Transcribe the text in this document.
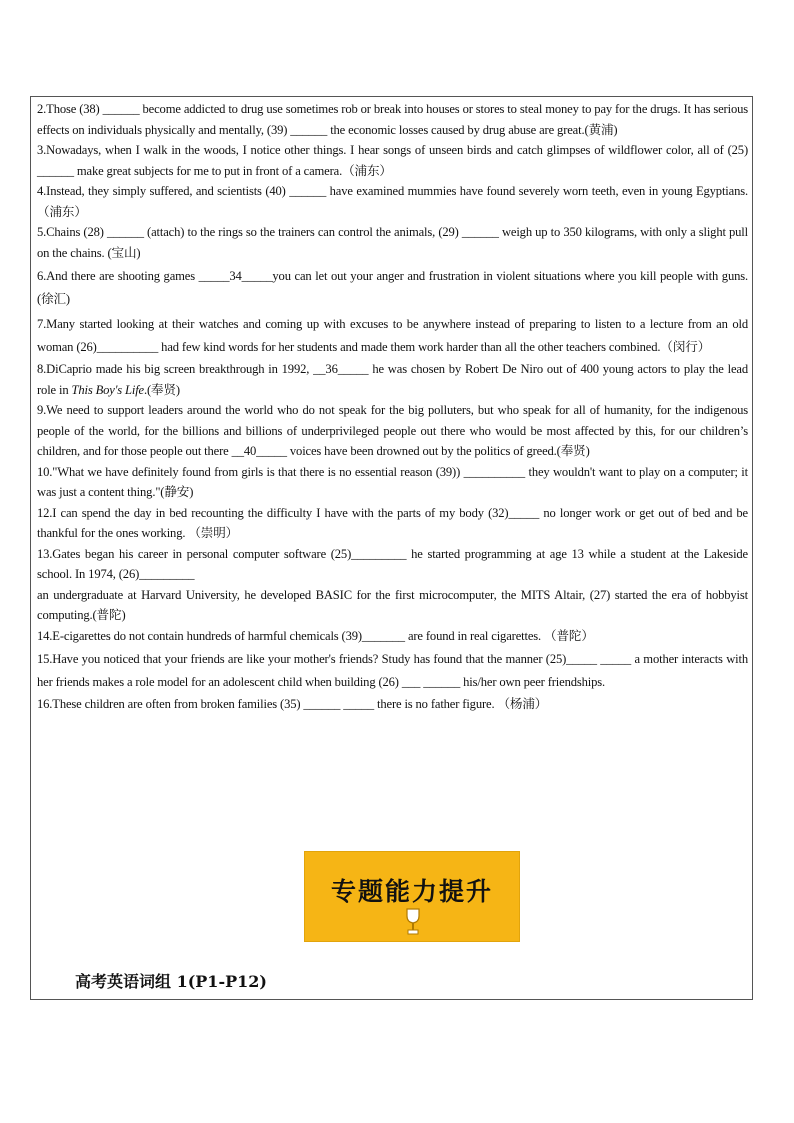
2.Those (38) ______ become addicted to drug use sometimes rob or break into houses or stores to steal money to pay for the drugs. It has serious effects on individuals physically and mentally, (39) ______ the economic losses caused by drug abuse are great.(黄浦)

3.Nowadays, when I walk in the woods, I notice other things. I hear songs of unseen birds and catch glimpses of wildflower color, all of (25) ______ make great subjects for me to put in front of a camera.（浦东）

4.Instead, they simply suffered, and scientists (40) ______ have examined mummies have found severely worn teeth, even in young Egyptians.（浦东）

5.Chains (28) ______ (attach) to the rings so the trainers can control the animals, (29) ______ weigh up to 350 kilograms, with only a slight pull on the chains. (宝山)

6.And there are shooting games _____34_____you can let out your anger and frustration in violent situations where you kill people with guns. (徐汇)

7.Many started looking at their watches and coming up with excuses to be anywhere instead of preparing to listen to a lecture from an old woman (26)__________ had few kind words for her students and made them work harder than all the other teachers combined.（闵行）

8.DiCaprio made his big screen breakthrough in 1992, __36_____ he was chosen by Robert De Niro out of 400 young actors to play the lead role in This Boy's Life.(奉贤)

9.We need to support leaders around the world who do not speak for the big polluters, but who speak for all of humanity, for the indigenous people of the world, for the billions and billions of underprivileged people out there who would be most affected by this, for our children’s children, and for those people out there __40_____ voices have been drowned out by the politics of greed.(奉贤)

10."What we have definitely found from girls is that there is no essential reason (39)) __________ they wouldn't want to play on a computer; it was just a content thing."(静安)

12.I can spend the day in bed recounting the difficulty I have with the parts of my body (32)_____ no longer work or get out of bed and be thankful for the ones working. （崇明）

13.Gates began his career in personal computer software (25)_________ he started programming at age 13 while a student at the Lakeside school. In 1974, (26)_________

an undergraduate at Harvard University, he developed BASIC for the first microcomputer, the MITS Altair, (27) started the era of hobbyist computing.(普陀)

14.E-cigarettes do not contain hundreds of harmful chemicals (39)_______ are found in real cigarettes. （普陀）

15.Have you noticed that your friends are like your mother's friends? Study has found that the manner (25)_____ _____ a mother interacts with her friends makes a role model for an adolescent child when building (26) ___ ______ his/her own peer friendships.

16.These children are often from broken families (35) ______ _____ there is no father figure. （杨浦）

专题能力提升
高考英语词组 1(P1-P12)
